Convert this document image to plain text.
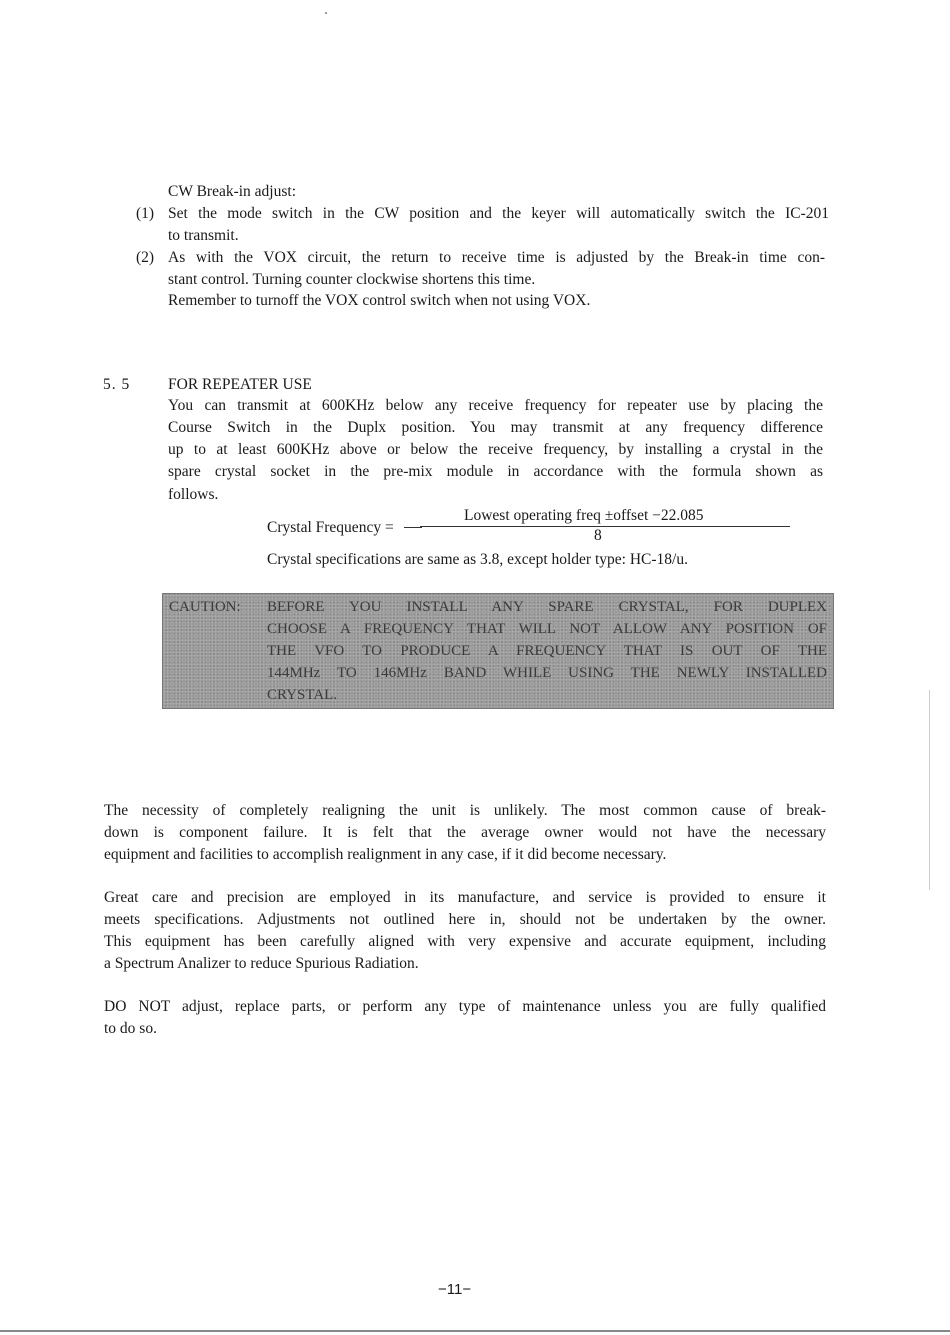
CW Break-in adjust:
(1) Set the mode switch in the CW position and the keyer will automatically switch the IC-201
to transmit.
(2) As with the VOX circuit, the return to receive time is adjusted by the Break-in time con-
stant control. Turning counter clockwise shortens this time.
Remember to turnoff the VOX control switch when not using VOX.
5. 5 FOR REPEATER USE
You can transmit at 600KHz below any receive frequency for repeater use by placing the
Course Switch in the Duplx position. You may transmit at any frequency difference
up to at least 600KHz above or below the receive frequency, by installing a crystal in the
spare crystal socket in the pre-mix module in accordance with the formula shown as
follows.
Crystal Frequency =
Lowest operating freq ±offset −22.085
8
Crystal specifications are same as 3.8, except holder type: HC-18/u.
CAUTION: BEFORE YOU INSTALL ANY SPARE CRYSTAL, FOR DUPLEX
CHOOSE A FREQUENCY THAT WILL NOT ALLOW ANY POSITION OF
THE VFO TO PRODUCE A FREQUENCY THAT IS OUT OF THE
144MHz TO 146MHz BAND WHILE USING THE NEWLY INSTALLED
CRYSTAL.
The necessity of completely realigning the unit is unlikely. The most common cause of break-
down is component failure. It is felt that the average owner would not have the necessary
equipment and facilities to accomplish realignment in any case, if it did become necessary.
Great care and precision are employed in its manufacture, and service is provided to ensure it
meets specifications. Adjustments not outlined here in, should not be undertaken by the owner.
This equipment has been carefully aligned with very expensive and accurate equipment, including
a Spectrum Analizer to reduce Spurious Radiation.
DO NOT adjust, replace parts, or perform any type of maintenance unless you are fully qualified
to do so.
−11−
